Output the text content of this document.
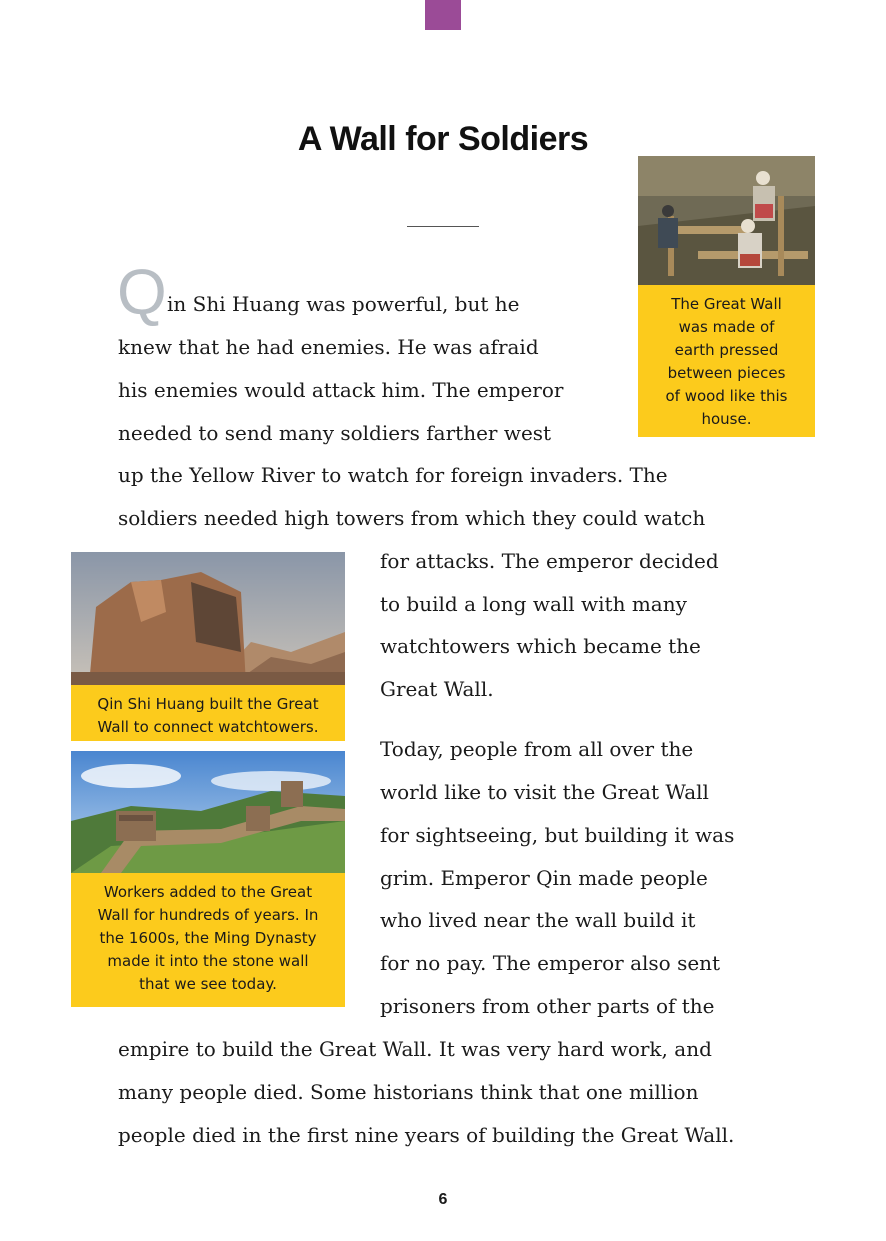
A Wall for Soldiers
The Great Wall
was made of
earth pressed
between pieces
of wood like this
house.
Qin Shi Huang built the Great
Wall to connect watchtowers.
Workers added to the Great
Wall for hundreds of years. In
the 1600s, the Ming Dynasty
made it into the stone wall
that we see today.
Q in Shi Huang was powerful, but he

knew that he had enemies. He was afraid

his enemies would attack him. The emperor

needed to send many soldiers farther west

up the Yellow River to watch for foreign invaders. The

soldiers needed high towers from which they could watch

for attacks. The emperor decided

to build a long wall with many

watchtowers which became the

Great Wall.

Today, people from all over the

world like to visit the Great Wall

for sightseeing, but building it was

grim. Emperor Qin made people

who lived near the wall build it

for no pay. The emperor also sent

prisoners from other parts of the

empire to build the Great Wall. It was very hard work, and

many people died. Some historians think that one million

people died in the first nine years of building the Great Wall.

6
